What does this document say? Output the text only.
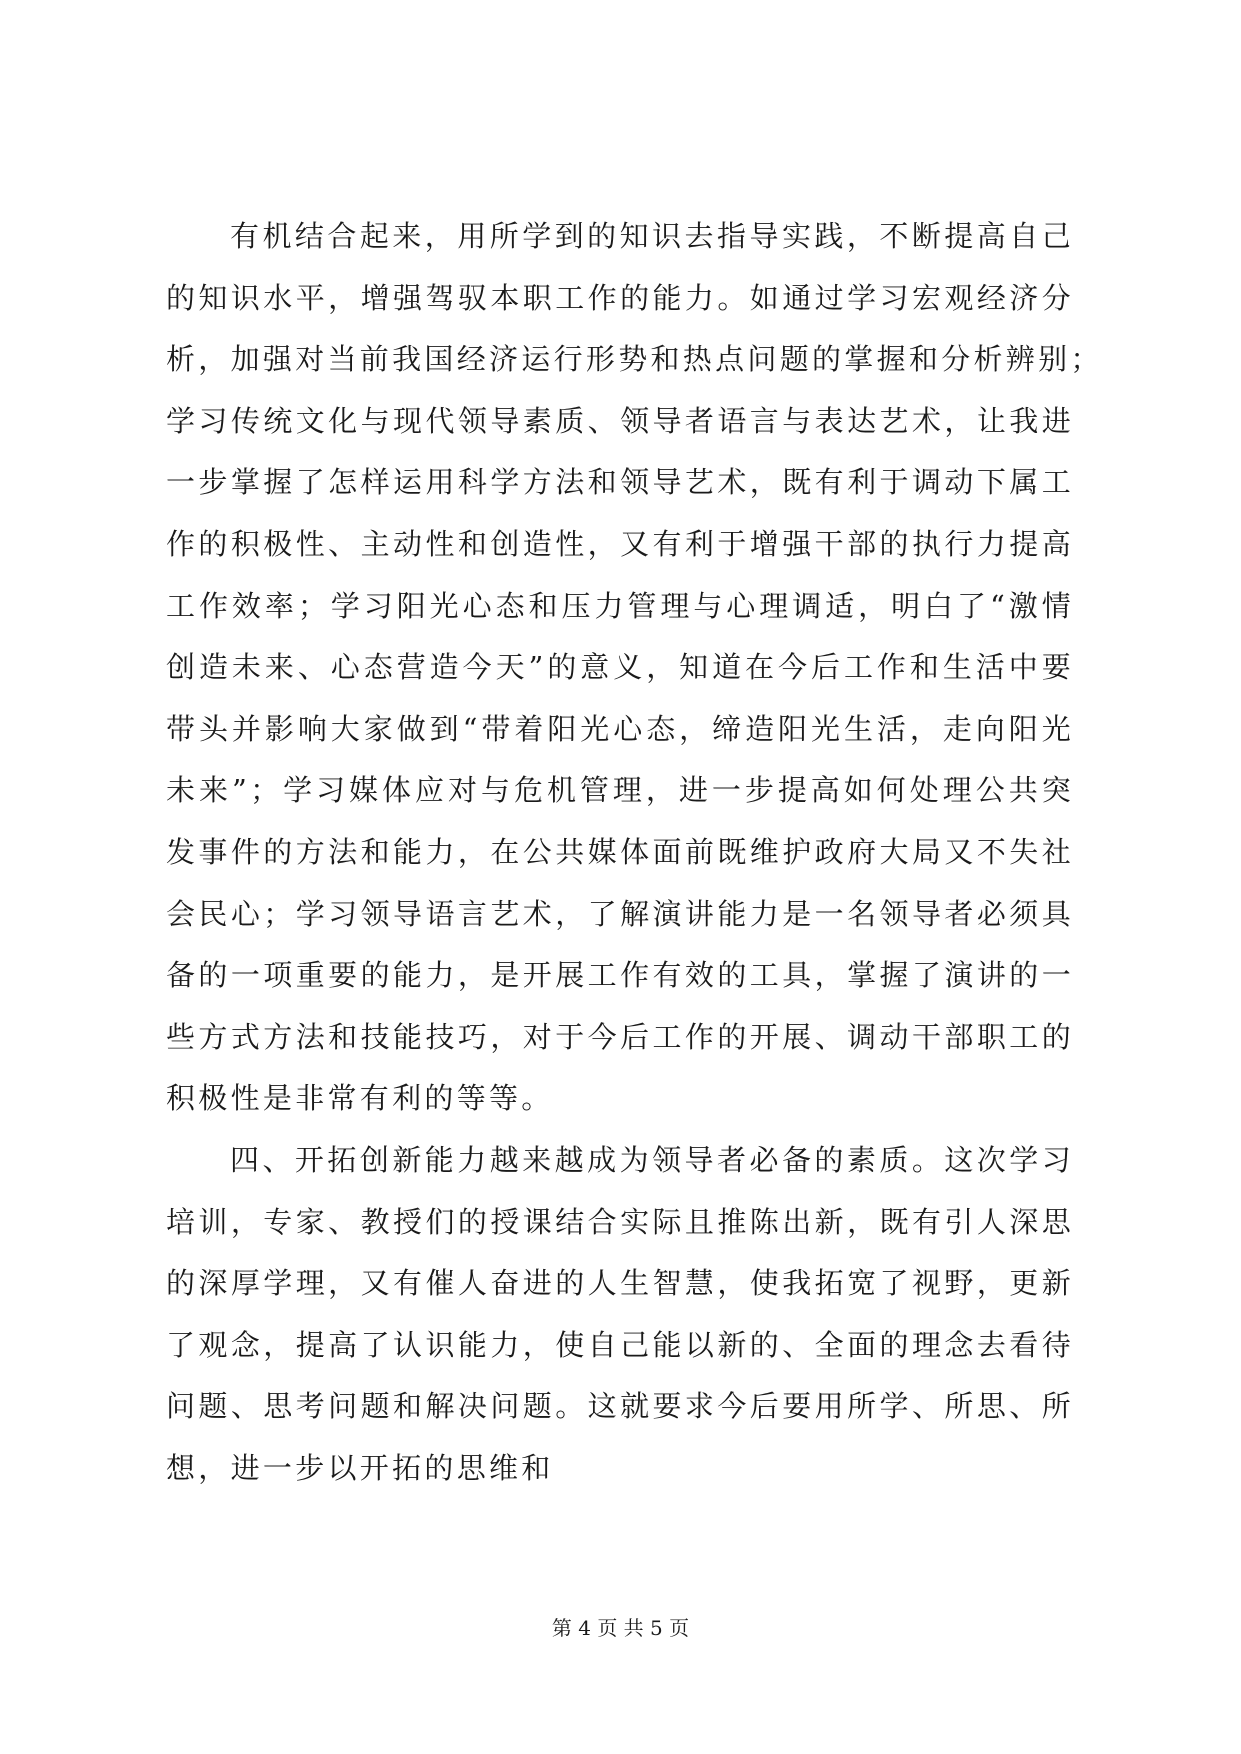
有机结合起来，用所学到的知识去指导实践，不断提高自己
的知识水平，增强驾驭本职工作的能力。如通过学习宏观经济分
析，加强对当前我国经济运行形势和热点问题的掌握和分析辨别；
学习传统文化与现代领导素质、领导者语言与表达艺术，让我进
一步掌握了怎样运用科学方法和领导艺术，既有利于调动下属工
作的积极性、主动性和创造性，又有利于增强干部的执行力提高
工作效率；学习阳光心态和压力管理与心理调适，明白了“激情
创造未来、心态营造今天”的意义，知道在今后工作和生活中要
带头并影响大家做到“带着阳光心态，缔造阳光生活，走向阳光
未来”；学习媒体应对与危机管理，进一步提高如何处理公共突
发事件的方法和能力，在公共媒体面前既维护政府大局又不失社
会民心；学习领导语言艺术，了解演讲能力是一名领导者必须具
备的一项重要的能力，是开展工作有效的工具，掌握了演讲的一
些方式方法和技能技巧，对于今后工作的开展、调动干部职工的
积极性是非常有利的等等。
四、开拓创新能力越来越成为领导者必备的素质。这次学习
培训，专家、教授们的授课结合实际且推陈出新，既有引人深思
的深厚学理，又有催人奋进的人生智慧，使我拓宽了视野，更新
了观念，提高了认识能力，使自己能以新的、全面的理念去看待
问题、思考问题和解决问题。这就要求今后要用所学、所思、所
想，进一步以开拓的思维和
第 4 页 共 5 页
